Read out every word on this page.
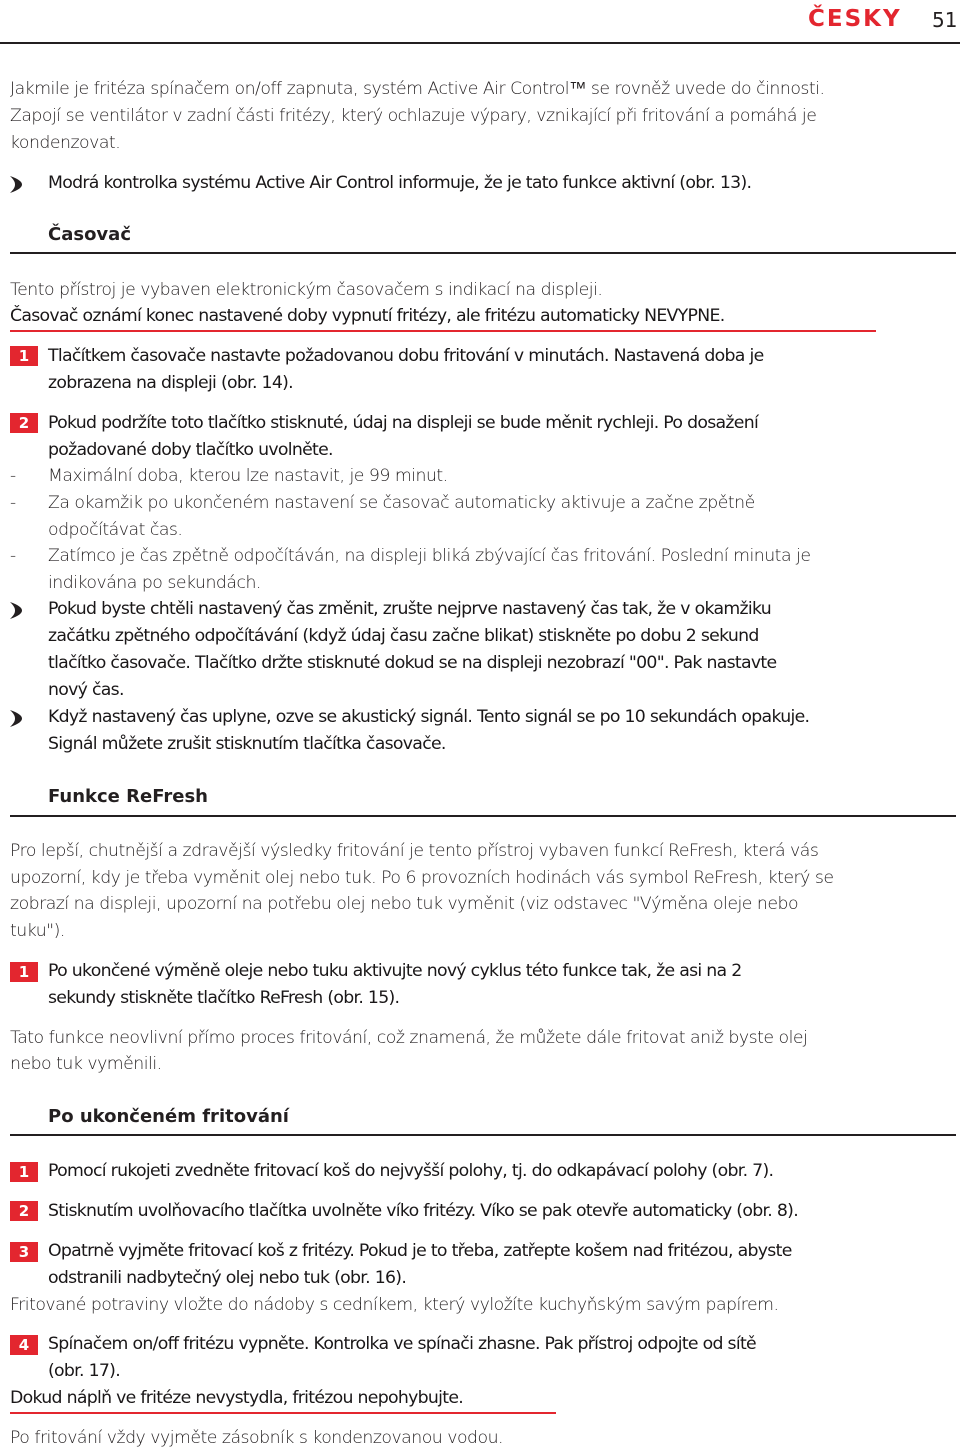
ČESKY 51
Jakmile je fritéza spínačem on/off zapnuta, systém Active Air Control™ se rovněž uvede do činnosti.
Zapojí se ventilátor v zadní části fritézy, který ochlazuje výpary, vznikající při fritování a pomáhá je
kondenzovat.
Modrá kontrolka systému Active Air Control informuje, že je tato funkce aktivní (obr. 13).
Časovač
Tento přístroj je vybaven elektronickým časovačem s indikací na displeji.
Časovač oznámí konec nastavené doby vypnutí fritézy, ale fritézu automaticky NEVYPNE.
1	Tlačítkem časovače nastavte požadovanou dobu fritování v minutách. Nastavená doba je
zobrazena na displeji (obr. 14).
2	Pokud podržíte toto tlačítko stisknuté, údaj na displeji se bude měnit rychleji. Po dosažení
požadované doby tlačítko uvolněte.
- Maximální doba, kterou lze nastavit, je 99 minut.
- Za okamžik po ukončeném nastavení se časovač automaticky aktivuje a začne zpětně
odpočítávat čas.
- Zatímco je čas zpětně odpočítáván, na displeji bliká zbývající čas fritování. Poslední minuta je
indikována po sekundách.
Pokud byste chtěli nastavený čas změnit, zrušte nejprve nastavený čas tak, že v okamžiku
začátku zpětného odpočítávání (když údaj času začne blikat) stiskněte po dobu 2 sekund
tlačítko časovače. Tlačítko držte stisknuté dokud se na displeji nezobrazí "00". Pak nastavte
nový čas.
Když nastavený čas uplyne, ozve se akustický signál. Tento signál se po 10 sekundách opakuje.
Signál můžete zrušit stisknutím tlačítka časovače.
Funkce ReFresh
Pro lepší, chutnější a zdravější výsledky fritování je tento přístroj vybaven funkcí ReFresh, která vás
upozorní, kdy je třeba vyměnit olej nebo tuk. Po 6 provozních hodinách vás symbol ReFresh, který se
zobrazí na displeji, upozorní na potřebu olej nebo tuk vyměnit (viz odstavec "Výměna oleje nebo
tuku").
1	Po ukončené výměně oleje nebo tuku aktivujte nový cyklus této funkce tak, že asi na 2
sekundy stiskněte tlačítko ReFresh (obr. 15).
Tato funkce neovlivní přímo proces fritování, což znamená, že můžete dále fritovat aniž byste olej
nebo tuk vyměnili.
Po ukončeném fritování
1	Pomocí rukojeti zvedněte fritovací koš do nejvyšší polohy, tj. do odkapávací polohy (obr. 7).
2	Stisknutím uvolňovacího tlačítka uvolněte víko fritézy. Víko se pak otevře automaticky (obr. 8).
3	Opatrně vyjměte fritovací koš z fritézy. Pokud je to třeba, zatřepte košem nad fritézou, abyste
odstranili nadbytečný olej nebo tuk (obr. 16).
Fritované potraviny vložte do nádoby s cedníkem, který vyložíte kuchyňským savým papírem.
4	Spínačem on/off fritézu vypněte. Kontrolka ve spínači zhasne. Pak přístroj odpojte od sítě
(obr. 17).
Dokud náplň ve fritéze nevystydla, fritézou nepohybujte.
Po fritování vždy vyjměte zásobník s kondenzovanou vodou.
